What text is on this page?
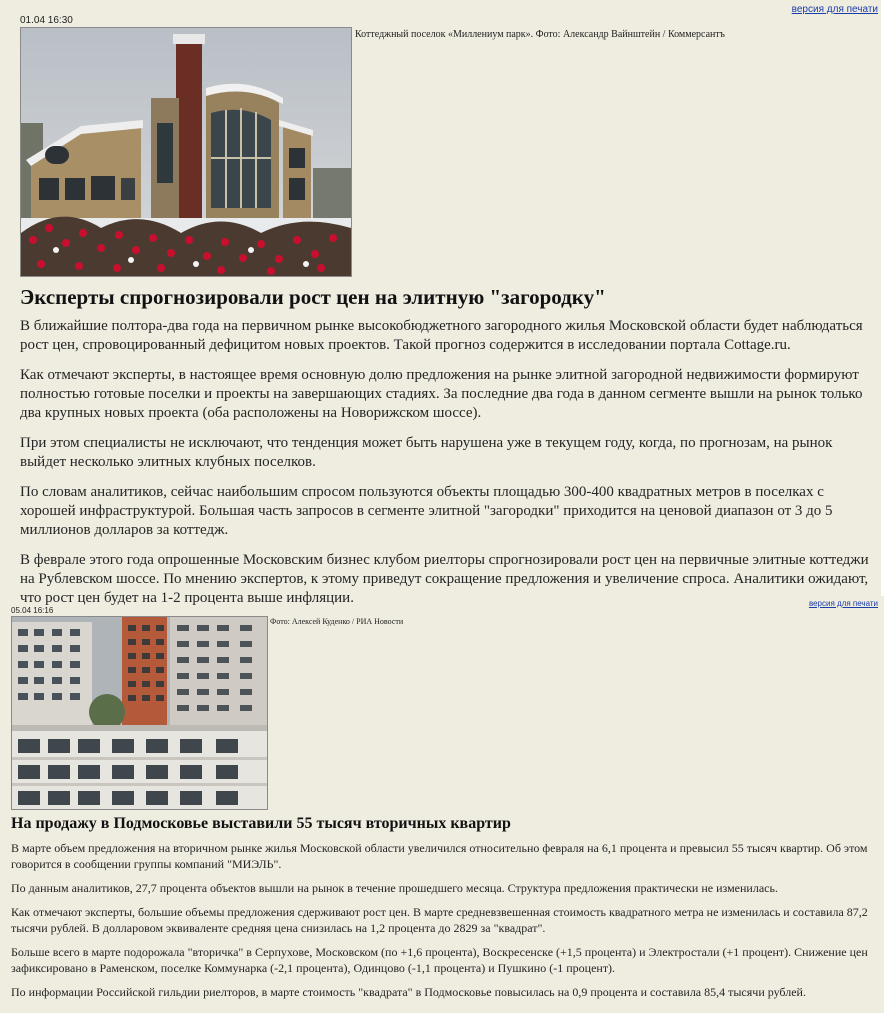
версия для печати
01.04 16:30
Коттеджный поселок «Миллениум парк». Фото: Александр Вайнштейн / Коммерсантъ
Эксперты спрогнозировали рост цен на элитную "загородку"

В ближайшие полтора-два года на первичном рынке высокобюджетного загородного жилья Московской области будет наблюдаться рост цен, спровоцированный дефицитом новых проектов. Такой прогноз содержится в исследовании портала Cottage.ru.

Как отмечают эксперты, в настоящее время основную долю предложения на рынке элитной загородной недвижимости формируют полностью готовые поселки и проекты на завершающих стадиях. За последние два года в данном сегменте вышли на рынок только два крупных новых проекта (оба расположены на Новорижском шоссе).

При этом специалисты не исключают, что тенденция может быть нарушена уже в текущем году, когда, по прогнозам, на рынок выйдет несколько элитных клубных поселков.

По словам аналитиков, сейчас наибольшим спросом пользуются объекты площадью 300-400 квадратных метров в поселках с хорошей инфраструктурой. Большая часть запросов в сегменте элитной "загородки" приходится на ценовой диапазон от 3 до 5 миллионов долларов за коттедж.

В феврале этого года опрошенные Московским бизнес клубом риелторы спрогнозировали рост цен на первичные элитные коттеджи на Рублевском шоссе. По мнению экспертов, к этому приведут сокращение предложения и увеличение спроса. Аналитики ожидают, что рост цен будет на 1-2 процента выше инфляции.	версия для печати
05.04 16:16
Фото: Алексей Куденко / РИА Новости
На продажу в Подмосковье выставили 55 тысяч вторичных квартир

В марте объем предложения на вторичном рынке жилья Московской области увеличился относительно февраля на 6,1 процента и превысил 55 тысяч квартир. Об этом говорится в сообщении группы компаний "МИЭЛЬ".

По данным аналитиков, 27,7 процента объектов вышли на рынок в течение прошедшего месяца. Структура предложения практически не изменилась.

Как отмечают эксперты, большие объемы предложения сдерживают рост цен. В марте средневзвешенная стоимость квадратного метра не изменилась и составила 87,2 тысячи рублей. В долларовом эквиваленте средняя цена снизилась на 1,2 процента до 2829 за "квадрат".

Больше всего в марте подорожала "вторичка" в Серпухове, Московском (по +1,6 процента), Воскресенске (+1,5 процента) и Электростали (+1 процент). Снижение цен зафиксировано в Раменском, поселке Коммунарка (-2,1 процента), Одинцово (-1,1 процента) и Пушкино (-1 процент).

По информации Российской гильдии риелторов, в марте стоимость "квадрата" в Подмосковье повысилась на 0,9 процента и составила 85,4 тысячи рублей.
